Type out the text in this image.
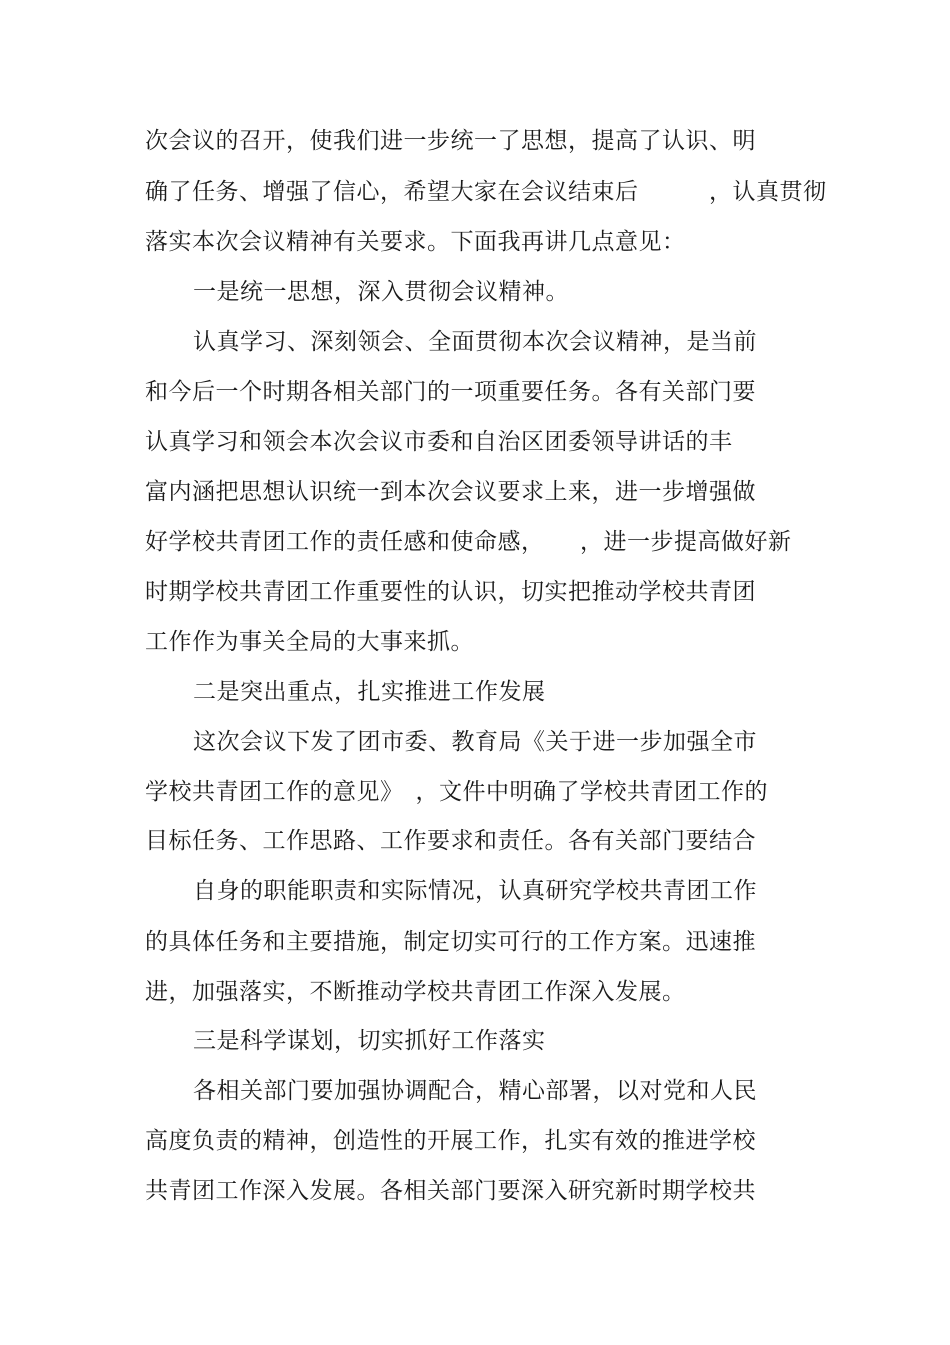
次会议的召开，使我们进一步统一了思想，提高了认识、明

确了任务、增强了信心，希望大家在会议结束后　　　，认真贯彻

落实本次会议精神有关要求。下面我再讲几点意见：

一是统一思想，深入贯彻会议精神。

认真学习、深刻领会、全面贯彻本次会议精神，是当前

和今后一个时期各相关部门的一项重要任务。各有关部门要

认真学习和领会本次会议市委和自治区团委领导讲话的丰

富内涵把思想认识统一到本次会议要求上来，进一步增强做

好学校共青团工作的责任感和使命感，　　，进一步提高做好新

时期学校共青团工作重要性的认识，切实把推动学校共青团

工作作为事关全局的大事来抓。

二是突出重点，扎实推进工作发展

这次会议下发了团市委、教育局《关于进一步加强全市

学校共青团工作的意见》　，文件中明确了学校共青团工作的

目标任务、工作思路、工作要求和责任。各有关部门要结合

自身的职能职责和实际情况，认真研究学校共青团工作

的具体任务和主要措施，制定切实可行的工作方案。迅速推

进，加强落实，不断推动学校共青团工作深入发展。

三是科学谋划，切实抓好工作落实

各相关部门要加强协调配合，精心部署，以对党和人民

高度负责的精神，创造性的开展工作，扎实有效的推进学校

共青团工作深入发展。各相关部门要深入研究新时期学校共
